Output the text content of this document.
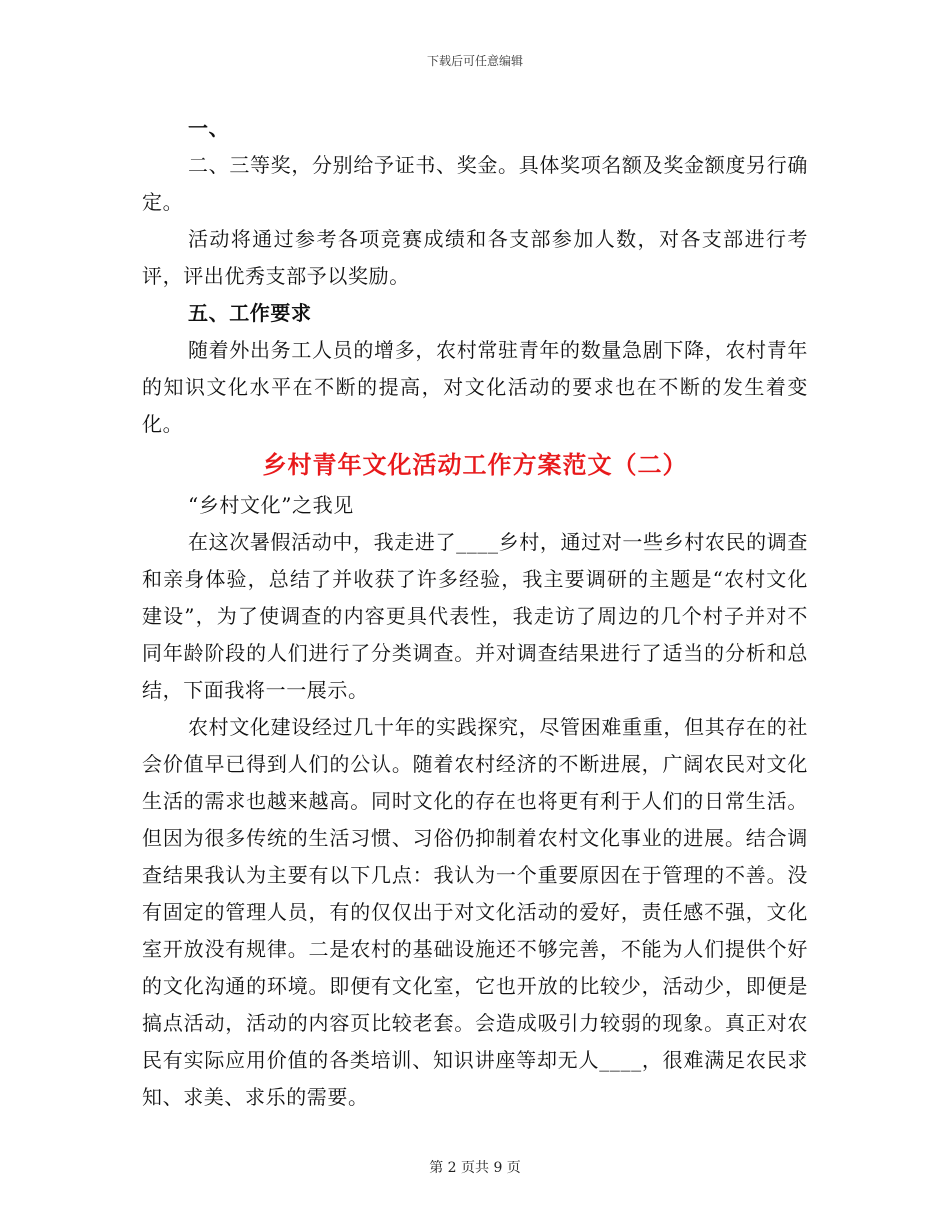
下载后可任意编辑

一、

二、三等奖，分别给予证书、奖金。具体奖项名额及奖金额度另行确定。

活动将通过参考各项竞赛成绩和各支部参加人数，对各支部进行考评，评出优秀支部予以奖励。

五、工作要求

随着外出务工人员的增多，农村常驻青年的数量急剧下降，农村青年的知识文化水平在不断的提高，对文化活动的要求也在不断的发生着变化。

乡村青年文化活动工作方案范文（二）

“乡村文化”之我见

在这次暑假活动中，我走进了____乡村，通过对一些乡村农民的调查和亲身体验，总结了并收获了许多经验，我主要调研的主题是“农村文化建设”，为了使调查的内容更具代表性，我走访了周边的几个村子并对不同年龄阶段的人们进行了分类调查。并对调查结果进行了适当的分析和总结，下面我将一一展示。

农村文化建设经过几十年的实践探究，尽管困难重重，但其存在的社会价值早已得到人们的公认。随着农村经济的不断进展，广阔农民对文化生活的需求也越来越高。同时文化的存在也将更有利于人们的日常生活。但因为很多传统的生活习惯、习俗仍抑制着农村文化事业的进展。结合调查结果我认为主要有以下几点：我认为一个重要原因在于管理的不善。没有固定的管理人员，有的仅仅出于对文化活动的爱好，责任感不强，文化室开放没有规律。二是农村的基础设施还不够完善，不能为人们提供个好的文化沟通的环境。即便有文化室，它也开放的比较少，活动少，即便是搞点活动，活动的内容页比较老套。会造成吸引力较弱的现象。真正对农民有实际应用价值的各类培训、知识讲座等却无人____，很难满足农民求知、求美、求乐的需要。

第 2 页共 9 页
